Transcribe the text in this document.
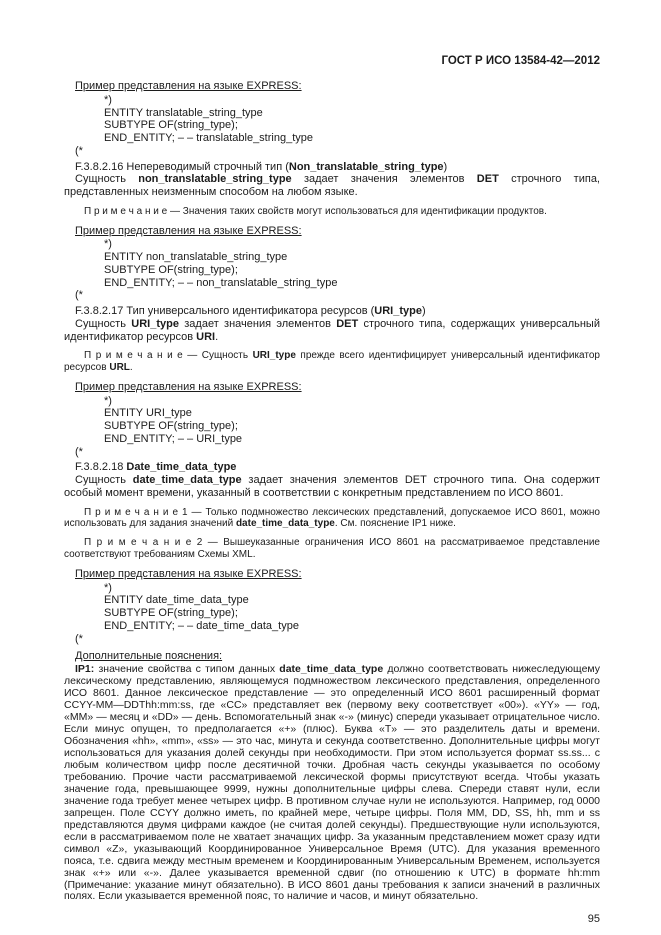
ГОСТ Р ИСО 13584-42—2012
Пример представления на языке EXPRESS:
*)
ENTITY translatable_string_type
SUBTYPE OF(string_type);
END_ENTITY; – – translatable_string_type
(*
F.3.8.2.16 Непереводимый строчный тип (Non_translatable_string_type)
Сущность non_translatable_string_type задает значения элементов DET строчного типа, представленных неизменным способом на любом языке.
П р и м е ч а н и е — Значения таких свойств могут использоваться для идентификации продуктов.
Пример представления на языке EXPRESS:
*)
ENTITY non_translatable_string_type
SUBTYPE OF(string_type);
END_ENTITY; – – non_translatable_string_type
(*
F.3.8.2.17 Тип универсального идентификатора ресурсов (URI_type)
Сущность URI_type задает значения элементов DET строчного типа, содержащих универсальный идентификатор ресурсов URI.
П р и м е ч а н и е — Сущность URI_type прежде всего идентифицирует универсальный идентификатор ресурсов URL.
Пример представления на языке EXPRESS:
*)
ENTITY URI_type
SUBTYPE OF(string_type);
END_ENTITY; – – URI_type
(*
F.3.8.2.18 Date_time_data_type
Сущность date_time_data_type задает значения элементов DET строчного типа. Она содержит особый момент времени, указанный в соответствии с конкретным представлением по ИСО 8601.
П р и м е ч а н и е 1 — Только подмножество лексических представлений, допускаемое ИСО 8601, можно использовать для задания значений date_time_data_type. См. пояснение IP1 ниже.
П р и м е ч а н и е 2 — Вышеуказанные ограничения ИСО 8601 на рассматриваемое представление соответствуют требованиям Схемы XML.
Пример представления на языке EXPRESS:
*)
ENTITY date_time_data_type
SUBTYPE OF(string_type);
END_ENTITY; – – date_time_data_type
(*
Дополнительные пояснения:
IP1: значение свойства с типом данных date_time_data_type должно соответствовать нижеследующему лексическому представлению, являющемуся подмножеством лексического представления, определенного ИСО 8601. Данное лексическое представление — это определенный ИСО 8601 расширенный формат CCYY-MM—DDThh:mm:ss, где «CC» представляет век (первому веку соответствует «00»). «YY» — год, «MM» — месяц и «DD» — день. Вспомогательный знак «-» (минус) спереди указывает отрицательное число. Если минус опущен, то предполагается «+» (плюс). Буква «T» — это разделитель даты и времени. Обозначения «hh», «mm», «ss» — это час, минута и секунда соответственно. Дополнительные цифры могут использоваться для указания долей секунды при необходимости. При этом используется формат ss.ss... с любым количеством цифр после десятичной точки. Дробная часть секунды указывается по особому требованию. Прочие части рассматриваемой лексической формы присутствуют всегда. Чтобы указать значение года, превышающее 9999, нужны дополнительные цифры слева. Спереди ставят нули, если значение года требует менее четырех цифр. В противном случае нули не используются. Например, год 0000 запрещен. Поле CCYY должно иметь, по крайней мере, четыре цифры. Поля MM, DD, SS, hh, mm и ss представляются двумя цифрами каждое (не считая долей секунды). Предшествующие нули используются, если в рассматриваемом поле не хватает значащих цифр. За указанным представлением может сразу идти символ «Z», указывающий Координированное Универсальное Время (UTC). Для указания временного пояса, т.е. сдвига между местным временем и Координированным Универсальным Временем, используется знак «+» или «-». Далее указывается временной сдвиг (по отношению к UTC) в формате hh:mm (Примечание: указание минут обязательно). В ИСО 8601 даны требования к записи значений в различных полях. Если указывается временной пояс, то наличие и часов, и минут обязательно.
95
